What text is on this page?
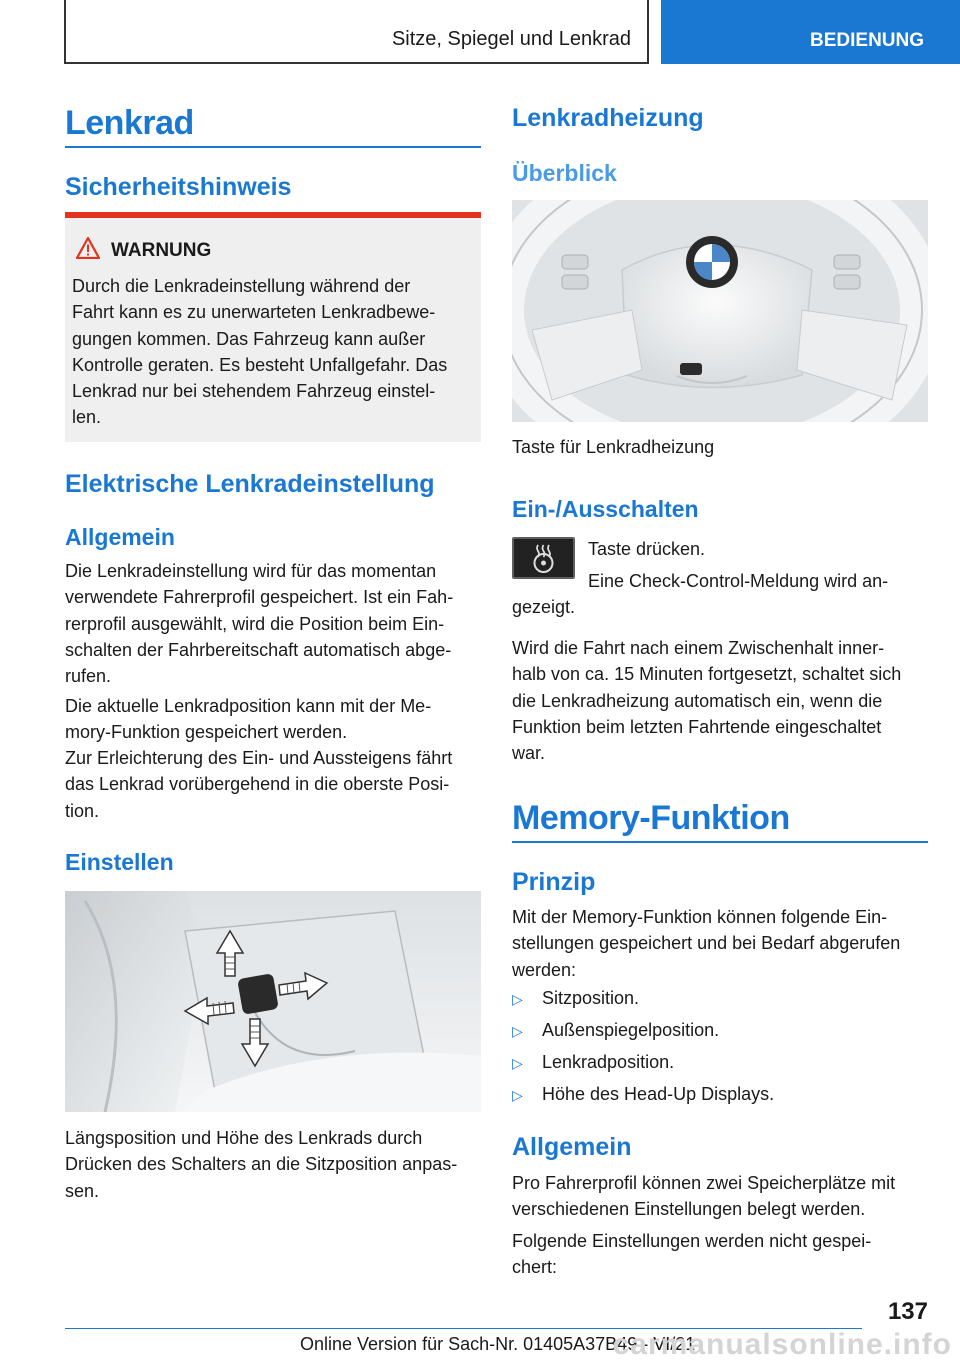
Sitze, Spiegel und Lenkrad	BEDIENUNG
Lenkrad
Sicherheitshinweis
WARNUNG
Durch die Lenkradeinstellung während der
Fahrt kann es zu unerwarteten Lenkradbewe-
gungen kommen. Das Fahrzeug kann außer
Kontrolle geraten. Es besteht Unfallgefahr. Das
Lenkrad nur bei stehendem Fahrzeug einstel-
len.
Elektrische Lenkradeinstellung
Allgemein
Die Lenkradeinstellung wird für das momentan
verwendete Fahrerprofil gespeichert. Ist ein Fah-
rerprofil ausgewählt, wird die Position beim Ein-
schalten der Fahrbereitschaft automatisch abge-
rufen.
Die aktuelle Lenkradposition kann mit der Me-
mory-Funktion gespeichert werden.
Zur Erleichterung des Ein- und Aussteigens fährt
das Lenkrad vorübergehend in die oberste Posi-
tion.
Einstellen
Längsposition und Höhe des Lenkrads durch
Drücken des Schalters an die Sitzposition anpas-
sen.
Lenkradheizung
Überblick
Taste für Lenkradheizung
Ein-/Ausschalten
Taste drücken.
Eine Check-Control-Meldung wird an-
gezeigt.
Wird die Fahrt nach einem Zwischenhalt inner-
halb von ca. 15 Minuten fortgesetzt, schaltet sich
die Lenkradheizung automatisch ein, wenn die
Funktion beim letzten Fahrtende eingeschaltet
war.
Memory-Funktion
Prinzip
Mit der Memory-Funktion können folgende Ein-
stellungen gespeichert und bei Bedarf abgerufen
werden:
▷ Sitzposition.
▷ Außenspiegelposition.
▷ Lenkradposition.
▷ Höhe des Head-Up Displays.
Allgemein
Pro Fahrerprofil können zwei Speicherplätze mit
verschiedenen Einstellungen belegt werden.
Folgende Einstellungen werden nicht gespei-
chert:
137
Online Version für Sach-Nr. 01405A37B49 - VI/21
carmanualsonline.info
